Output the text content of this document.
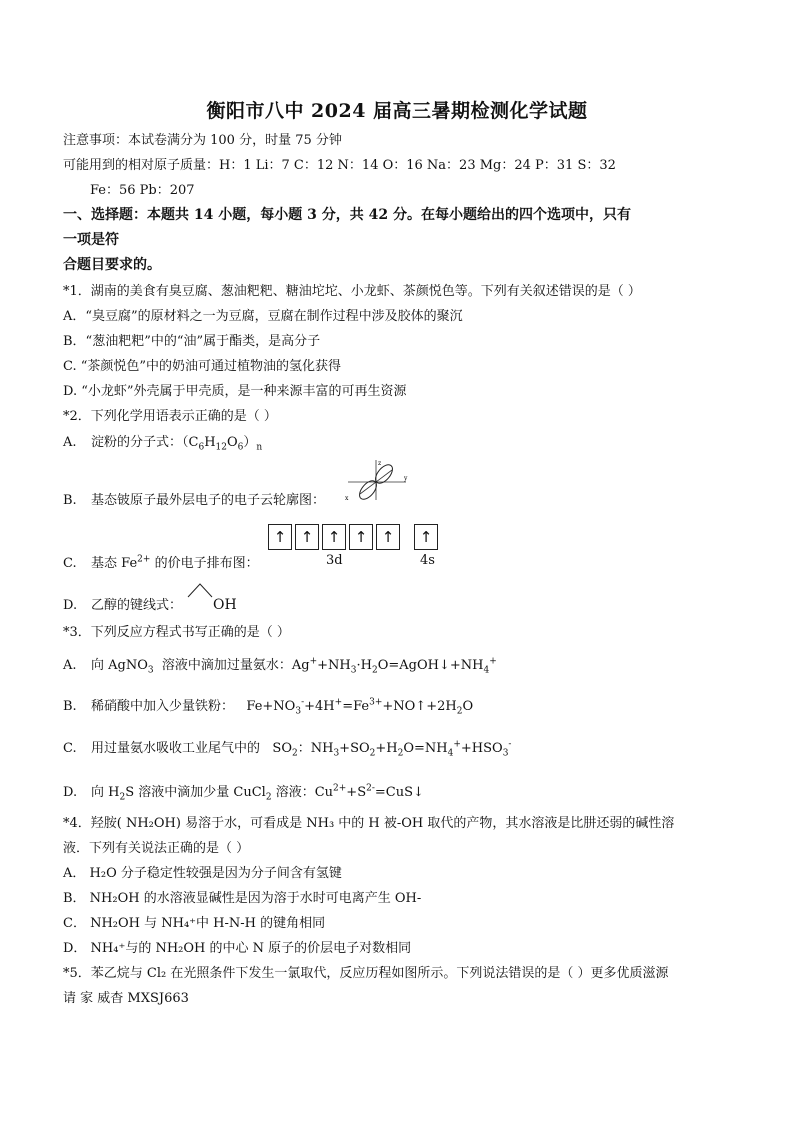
衡阳市八中 2024 届高三暑期检测化学试题
注意事项：本试卷满分为 100 分，时量 75 分钟
可能用到的相对原子质量：H：1 Li：7 C：12 N：14 O：16 Na：23 Mg：24 P：31 S：32
Fe：56 Pb：207
一、选择题：本题共 14 小题，每小题 3 分，共 42 分。在每小题给出的四个选项中，只有
一项是符
合题目要求的。
*1．湖南的美食有臭豆腐、葱油粑粑、糖油坨坨、小龙虾、茶颜悦色等。下列有关叙述错误的是（ ）
A．“臭豆腐”的原材料之一为豆腐，豆腐在制作过程中涉及胶体的聚沉
B．“葱油粑粑”中的“油”属于酯类，是高分子
C. “茶颜悦色”中的奶油可通过植物油的氢化获得
D. “小龙虾”外壳属于甲壳质，是一种来源丰富的可再生资源
*2．下列化学用语表示正确的是（ ）
A. 淀粉的分子式：$(C_6H_{12}O_6)_n$
B. 基态铍原子最外层电子的电子云轮廓图：
z
y
x
C. 基态 $Fe^{2+}$ 的价电子排布图：
↑ ↑ ↑ ↑ ↑	↑
3d	4s
D. 乙醇的键线式： OH
*3．下列反应方程式书写正确的是（ ）
A. 向 AgNO$_3$  溶液中滴加过量氨水：$Ag^++NH_3\cdot H_2O=AgOH↓+NH_4^+$
B. 稀硝酸中加入少量铁粉：   $Fe+NO_3^-+4H^+=Fe^{3+}+NO↑+2H_2O$
C. 用过量氨水吸收工业尾气中的   $SO_2$：$NH_3+SO_2+H_2O=NH_4^++HSO_3^-$
D. 向 $H_2S$ 溶液中滴加少量 CuCl$_2$ 溶液：$Cu^{2+}+S^{2-}=CuS↓$
*4．羟胺( NH₂OH) 易溶于水，可看成是 NH₃ 中的 H 被-OH 取代的产物，其水溶液是比肼还弱的碱性溶
液．下列有关说法正确的是（ ）
A． H₂O 分子稳定性较强是因为分子间含有氢键
B． NH₂OH 的水溶液显碱性是因为溶于水时可电离产生 OH-
C． NH₂OH 与 NH₄⁺中 H-N-H 的键角相同
D． NH₄⁺与的 NH₂OH 的中心 N 原子的价层电子对数相同
*5．苯乙烷与 Cl₂ 在光照条件下发生一氯取代，反应历程如图所示。下列说法错误的是（ ）更多优质滋源
请 家 威杳 MXSJ663
